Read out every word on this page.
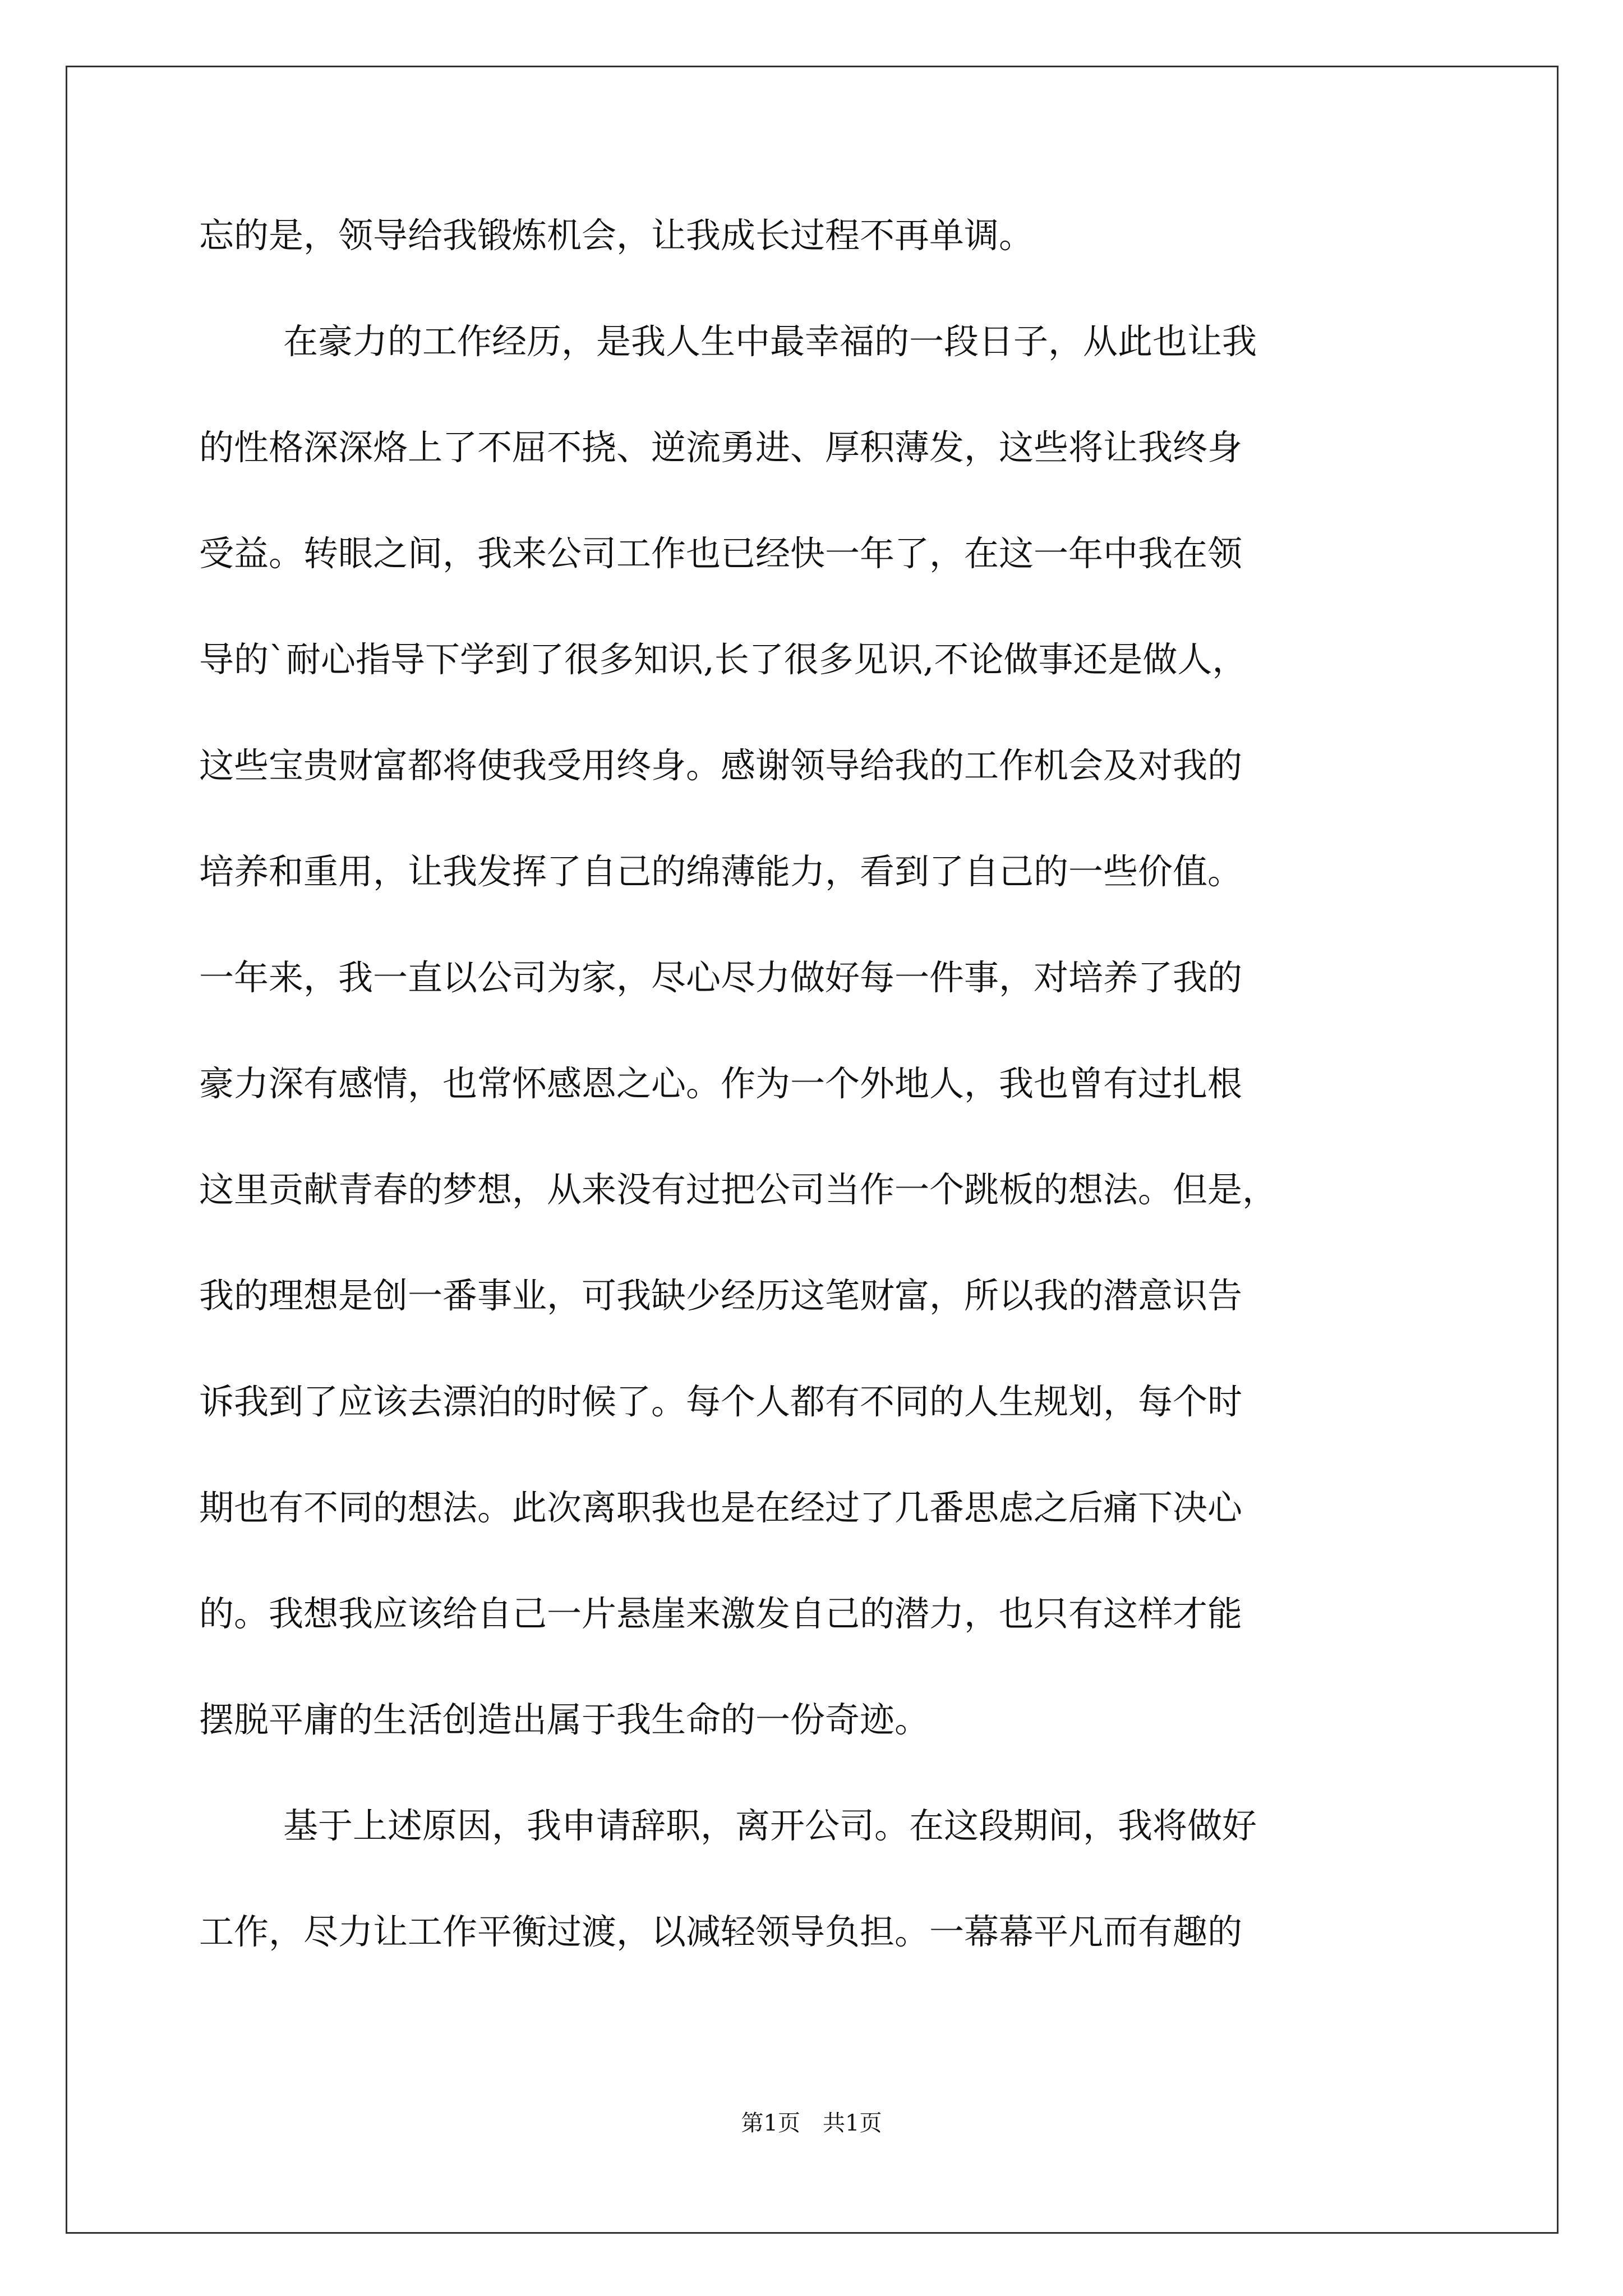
忘的是，领导给我锻炼机会，让我成长过程不再单调。
在豪力的工作经历，是我人生中最幸福的一段日子，从此也让我
的性格深深烙上了不屈不挠、逆流勇进、厚积薄发，这些将让我终身
受益。转眼之间，我来公司工作也已经快一年了，在这一年中我在领
导的`耐心指导下学到了很多知识,长了很多见识,不论做事还是做人，
这些宝贵财富都将使我受用终身。感谢领导给我的工作机会及对我的
培养和重用，让我发挥了自己的绵薄能力，看到了自己的一些价值。
一年来，我一直以公司为家，尽心尽力做好每一件事，对培养了我的
豪力深有感情，也常怀感恩之心。作为一个外地人，我也曾有过扎根
这里贡献青春的梦想，从来没有过把公司当作一个跳板的想法。但是，
我的理想是创一番事业，可我缺少经历这笔财富，所以我的潜意识告
诉我到了应该去漂泊的时候了。每个人都有不同的人生规划，每个时
期也有不同的想法。此次离职我也是在经过了几番思虑之后痛下决心
的。我想我应该给自己一片悬崖来激发自己的潜力，也只有这样才能
摆脱平庸的生活创造出属于我生命的一份奇迹。
基于上述原因，我申请辞职，离开公司。在这段期间，我将做好
工作，尽力让工作平衡过渡，以减轻领导负担。一幕幕平凡而有趣的
第1页　共1页
